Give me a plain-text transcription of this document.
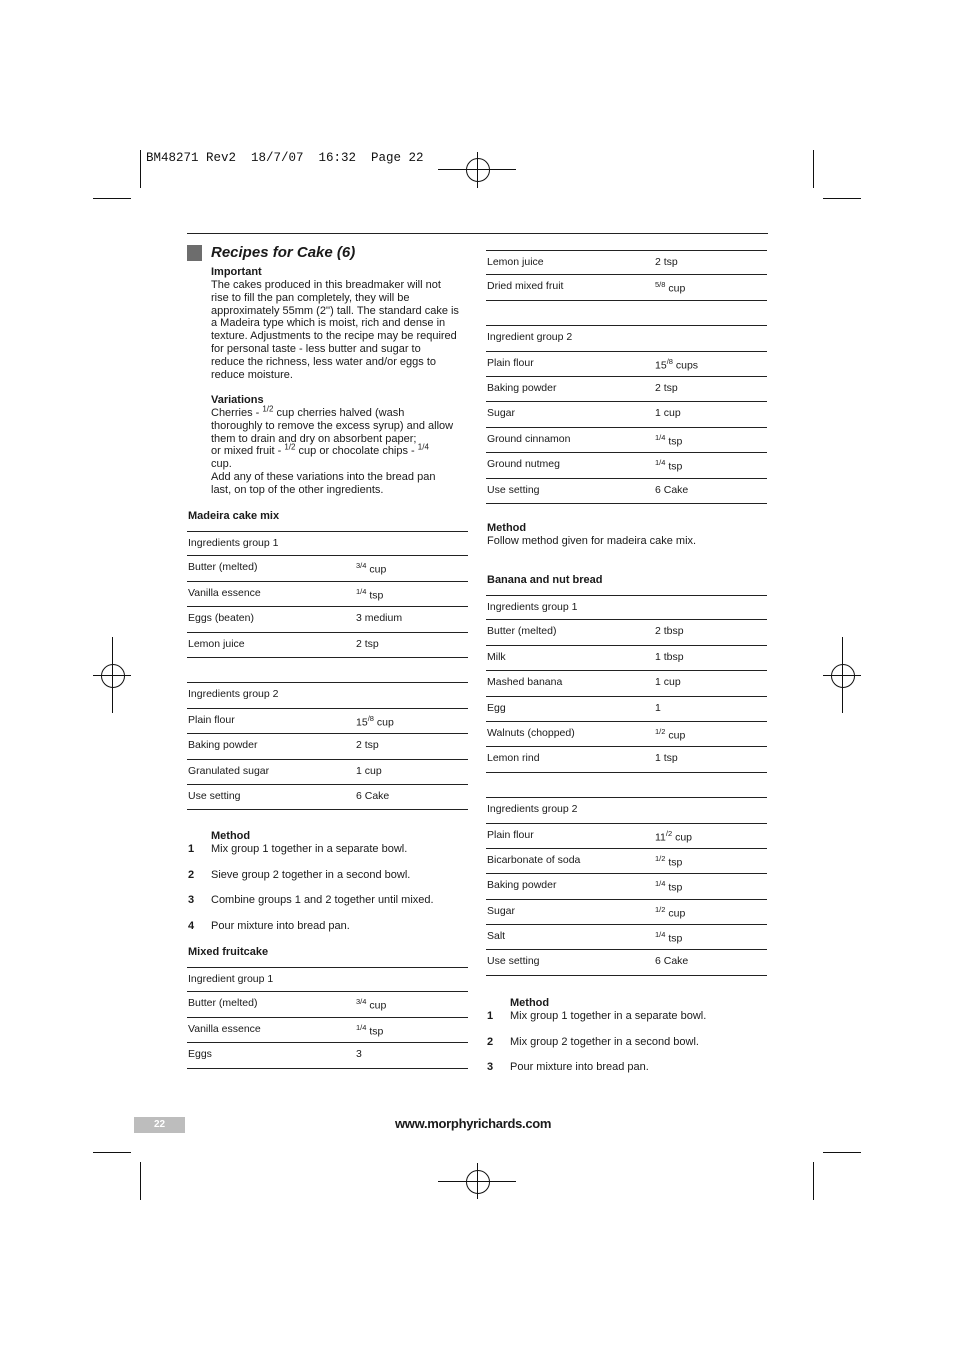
BM48271 Rev2  18/7/07  16:32  Page 22
Recipes for Cake (6)
Important
The cakes produced in this breadmaker will not
rise to fill the pan completely, they will be
approximately 55mm (2'') tall. The standard cake is
a Madeira type which is moist, rich and dense in
texture. Adjustments to the recipe may be required
for personal taste - less butter and sugar to
reduce the richness, less water and/or eggs to
reduce moisture.
Variations
Cherries - $^{1/2}$ cup cherries halved (wash
thoroughly to remove the excess syrup) and allow
them to drain and dry on absorbent paper;
or mixed fruit - $^{1/2}$ cup or chocolate chips - $^{1/4}$
cup.
Add any of these variations into the bread pan
last, on top of the other ingredients.
Madeira cake mix
Ingredients group 1
Butter (melted)	$^{3/4}$ cup
Vanilla essence	$^{1/4}$ tsp
Eggs (beaten)	3 medium
Lemon juice	2 tsp
Ingredients group 2
Plain flour	$15^{/8}$ cup
Baking powder	2 tsp
Granulated sugar	1 cup
Use setting	6 Cake
Method
1 Mix group 1 together in a separate bowl.
2 Sieve group 2 together in a second bowl.
3 Combine groups 1 and 2 together until mixed.
4 Pour mixture into bread pan.
Mixed fruitcake
Ingredient group 1
Butter (melted)	$^{3/4}$ cup
Vanilla essence	$^{1/4}$ tsp
Eggs	3
Lemon juice	2 tsp
Dried mixed fruit	$^{5/8}$ cup
Ingredient group 2
Plain flour	$15^{/8}$ cups
Baking powder	2 tsp
Sugar	1 cup
Ground cinnamon	$^{1/4}$ tsp
Ground nutmeg	$^{1/4}$ tsp
Use setting	6 Cake
Method
Follow method given for madeira cake mix.
Banana and nut bread
Ingredients group 1
Butter (melted)	2 tbsp
Milk	1 tbsp
Mashed banana	1 cup
Egg	1
Walnuts (chopped)	$^{1/2}$ cup
Lemon rind	1 tsp
Ingredients group 2
Plain flour	$11^{/2}$ cup
Bicarbonate of soda	$^{1/2}$ tsp
Baking powder	$^{1/4}$ tsp
Sugar	$^{1/2}$ cup
Salt	$^{1/4}$ tsp
Use setting	6 Cake
Method
1 Mix group 1 together in a separate bowl.
2 Mix group 2 together in a second bowl.
3 Pour mixture into bread pan.
22	www.morphyrichards.com
